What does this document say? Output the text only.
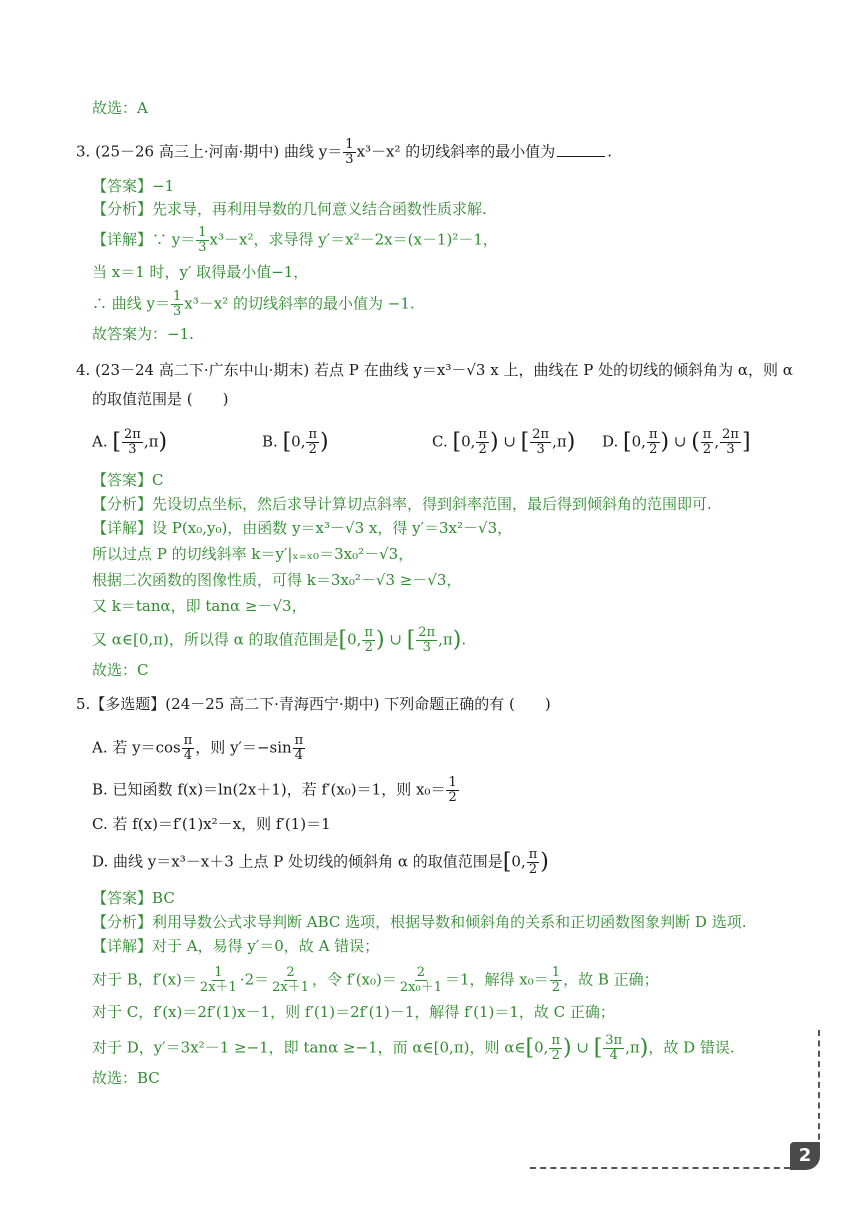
故选：A
3. (25－26 高三上·河南·期中) 曲线 $y= \frac{1}{3} x^3-x^2$ 的切线斜率的最小值为	.
【答案】−1
【分析】先求导，再利用导数的几何意义结合函数性质求解.
【详解】∵ $y= \frac{1}{3} x^3-x^2$，求导得 y′＝x²－2x＝(x－1)²－1，
当 x＝1 时，y′ 取得最小值−1，
∴ 曲线 $y= \frac{1}{3} x^3-x^2$ 的切线斜率的最小值为 −1.
故答案为：−1.
4. (23－24 高二下·广东中山·期末) 若点 P 在曲线 y＝x³－√3 x 上，曲线在 P 处的切线的倾斜角为 α，则 α
的取值范围是 (　　)
A. [ $\frac{2\pi}{3} ,\pi$)	B. [0, $\frac{\pi}{2}$ )	C. [0, $\frac{\pi}{2}$ ) ∪ [ $\frac{2\pi}{3} ,\pi$) D. [0, $\frac{\pi}{2}$ ) ∪ ( $\frac{\pi}{2}$ , $\frac{2\pi}{3}$ ]
【答案】C
【分析】先设切点坐标，然后求导计算切点斜率，得到斜率范围，最后得到倾斜角的范围即可.
【详解】设 P(x₀,y₀)，由函数 y＝x³－√3 x，得 y′＝3x²－√3，
所以过点 P 的切线斜率 k＝y′|ₓ₌ₓ₀＝3x₀²－√3，
根据二次函数的图像性质，可得 k＝3x₀²－√3 ≥－√3，
又 k＝tanα，即 tanα ≥－√3，
又 α∈[0,π)，所以得 α 的取值范围是[0, $\frac{\pi}{2}$ ) ∪ [ $\frac{2\pi}{3} ,\pi$).
故选：C
5.【多选题】(24－25 高二下·青海西宁·期中) 下列命题正确的有 (　　)
A. 若 $y=\cos \frac{\pi}{4}$ ，则 $y'=-\sin \frac{\pi}{4}$
B. 已知函数 f(x)＝ln(2x＋1)，若 f′(x₀)＝1，则 $x_0= \frac{1}{2}$
C. 若 f(x)＝f′(1)x²－x，则 f′(1)＝1
D. 曲线 y＝x³－x＋3 上点 P 处切线的倾斜角 α 的取值范围是[0, $\frac{\pi}{2}$ )
【答案】BC
【分析】利用导数公式求导判断 ABC 选项，根据导数和倾斜角的关系和正切函数图象判断 D 选项.
【详解】对于 A，易得 y′＝0，故 A 错误；
对于 B，$f'(x)= \frac{1}{2x+1} \cdot 2= \frac{2}{2x+1}$ ，令 $f'(x_0)= \frac{2}{\text{2x₀＋1}} =1$，解得 $x_0= \frac{1}{2}$ ，故 B 正确；
对于 C，f′(x)＝2f′(1)x－1，则 f′(1)＝2f′(1)－1，解得 f′(1)＝1，故 C 正确；
对于 D，y′＝3x²－1 ≥−1，即 tanα ≥−1，而 α∈[0,π)，则 α∈[0, $\frac{\pi}{2}$ ) ∪ [ $\frac{3\pi}{4} ,\pi$)，故 D 错误.
故选：BC
2
